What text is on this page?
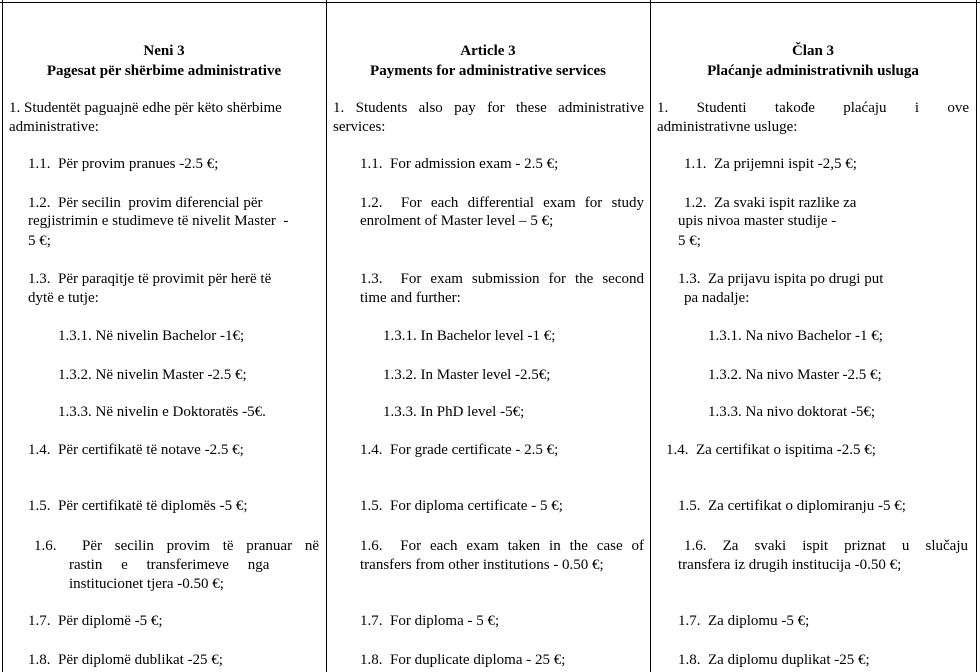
Neni 3
Pagesat për shërbime administrative
1. Studentët paguajnë edhe për këto shërbime
administrative:
1.1.  Për provim pranues -2.5 €;
1.2.  Për secilin  provim diferencial për
regjistrimin e studimeve të nivelit Master  -
5 €;
1.3.  Për paraqitje të provimit për herë të
dytë e tutje:
1.3.1. Në nivelin Bachelor -1€;
1.3.2. Në nivelin Master -2.5 €;
1.3.3. Në nivelin e Doktoratës -5€.
1.4.  Për certifikatë të notave -2.5 €;
1.5.  Për certifikatë të diplomës -5 €;
1.6.  Për secilin provim të pranuar në
rastin     e     transferimeve     nga
institucionet tjera -0.50 €;
1.7.  Për diplomë -5 €;
1.8.  Për diplomë dublikat -25 €;
Article 3
Payments for administrative services
1. Students also pay for these administrative
services:
1.1.  For admission exam - 2.5 €;
1.2.  For each differential exam for study
enrolment of Master level – 5 €;
1.3.  For exam submission for the second
time and further:
1.3.1. In Bachelor level -1 €;
1.3.2. In Master level -2.5€;
1.3.3. In PhD level -5€;
1.4.  For grade certificate - 2.5 €;
1.5.  For diploma certificate - 5 €;
1.6.  For each exam taken in the case of
transfers from other institutions - 0.50 €;
1.7.  For diploma - 5 €;
1.8.  For duplicate diploma - 25 €;
Član 3
Plaćanje administrativnih usluga
1.   Studenti   takođe   plaćaju   i   ove
administrativne usluge:
1.1.  Za prijemni ispit -2,5 €;
1.2.  Za svaki ispit razlike za
upis nivoa master studije -
5 €;
1.3.  Za prijavu ispita po drugi put
pa nadalje:
1.3.1. Na nivo Bachelor -1 €;
1.3.2. Na nivo Master -2.5 €;
1.3.3. Na nivo doktorat -5€;
1.4.  Za certifikat o ispitima -2.5 €;
1.5.  Za certifikat o diplomiranju -5 €;
1.6.  Za  svaki  ispit  priznat  u  slučaju
transfera iz drugih institucija -0.50 €;
1.7.  Za diplomu -5 €;
1.8.  Za diplomu duplikat -25 €;
